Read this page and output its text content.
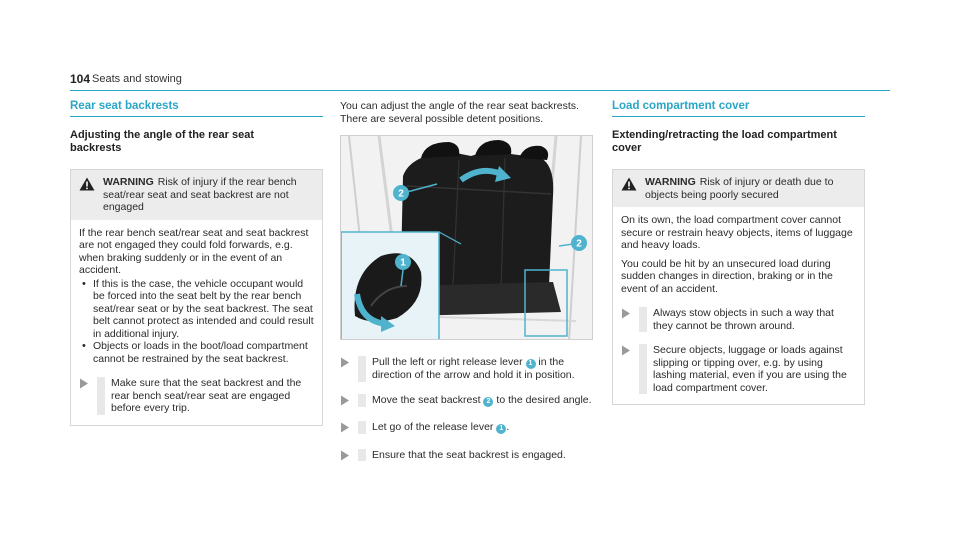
104 Seats and stowing
Rear seat backrests
Adjusting the angle of the rear seat backrests
WARNING Risk of injury if the rear bench seat/rear seat and seat backrest are not engaged

If the rear bench seat/rear seat and seat backrest are not engaged they could fold forwards, e.g. when braking suddenly or in the event of an accident.

• If this is the case, the vehicle occupant would be forced into the seat belt by the rear bench seat/rear seat or by the seat backrest. The seat belt cannot protect as intended and could result in additional injury.
• Objects or loads in the boot/load compartment cannot be restrained by the seat backrest.
Make sure that the seat backrest and the rear bench seat/rear seat are engaged before every trip.

You can adjust the angle of the rear seat backrests. There are several possible detent positions.

2
2
1
Pull the left or right release lever 1 in the direction of the arrow and hold it in position.
Move the seat backrest 2 to the desired angle.
Let go of the release lever 1 .
Ensure that the seat backrest is engaged.
Load compartment cover
Extending/retracting the load compartment cover
WARNING Risk of injury or death due to objects being poorly secured

On its own, the load compartment cover cannot secure or restrain heavy objects, items of luggage and heavy loads.

You could be hit by an unsecured load during sudden changes in direction, braking or in the event of an accident.

Always stow objects in such a way that they cannot be thrown around.
Secure objects, luggage or loads against slipping or tipping over, e.g. by using lashing material, even if you are using the load compartment cover.
